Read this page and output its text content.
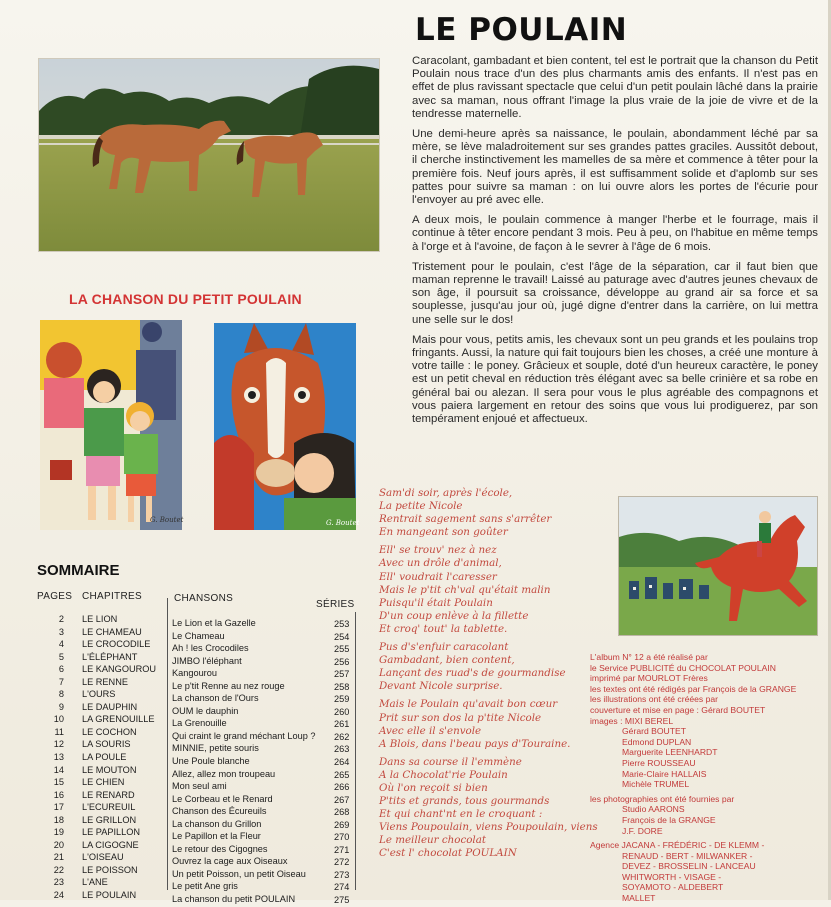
LE POULAIN

Caracolant, gambadant et bien content, tel est le portrait que la chanson du Petit Poulain nous trace d'un des plus charmants amis des enfants. Il n'est pas en effet de plus ravissant spectacle que celui d'un petit poulain lâché dans la prairie avec sa maman, nous offrant l'image la plus vraie de la joie de vivre et de la tendresse maternelle.

Une demi-heure après sa naissance, le poulain, abondamment léché par sa mère, se lève maladroitement sur ses grandes pattes graciles. Aussitôt debout, il cherche instinctivement les mamelles de sa mère et commence à têter pour la première fois. Neuf jours après, il est suffisamment solide et d'aplomb sur ses pattes pour suivre sa maman : on lui ouvre alors les portes de l'écurie pour l'envoyer au pré avec elle.

A deux mois, le poulain commence à manger l'herbe et le fourrage, mais il continue à têter encore pendant 3 mois. Peu à peu, on l'habitue en même temps à l'orge et à l'avoine, de façon à le sevrer à l'âge de 6 mois.

Tristement pour le poulain, c'est l'âge de la séparation, car il faut bien que maman reprenne le travail! Laissé au paturage avec d'autres jeunes chevaux de son âge, il poursuit sa croissance, développe au grand air sa force et sa souplesse, jusqu'au jour où, jugé digne d'entrer dans la carrière, on lui mettra une selle sur le dos!

Mais pour vous, petits amis, les chevaux sont un peu grands et les poulains trop fringants. Aussi, la nature qui fait toujours bien les choses, a créé une monture à votre taille : le poney. Grâcieux et souple, doté d'un heureux caractère, le poney est un petit cheval en réduction très élégant avec sa belle crinière et sa robe en général bai ou alezan. Il sera pour vous le plus agréable des compagnons et vous paiera largement en retour des soins que vous lui prodiguerez, par son tempérament enjoué et affectueux.

LA CHANSON DU PETIT POULAIN
G. Boutet	G. Boutet
SOMMAIRE
PAGES CHAPITRES	CHANSONS
SÉRIES
2
3
4
5
6
7
8
9
10
11
12
13
14
15
16
17
18
19
20
21
22
23
24
LE LION
LE CHAMEAU
LE CROCODILE
L'ÉLÉPHANT
LE KANGOUROU
LE RENNE
L'OURS
LE DAUPHIN
LA GRENOUILLE
LE COCHON
LA SOURIS
LA POULE
LE MOUTON
LE CHIEN
LE RENARD
L'ECUREUIL
LE GRILLON
LE PAPILLON
LA CIGOGNE
L'OISEAU
LE POISSON
L'ANE
LE POULAIN
Le Lion et la Gazelle
Le Chameau
Ah ! les Crocodiles
JIMBO l'éléphant
Kangourou
Le p'tit Renne au nez rouge
La chanson de l'Ours
OUM le dauphin
La Grenouille
Qui craint le grand méchant Loup ?
MINNIE, petite souris
Une Poule blanche
Allez, allez mon troupeau
Mon seul ami
Le Corbeau et le Renard
Chanson des Écureuils
La chanson du Grillon
Le Papillon et la Fleur
Le retour des Cigognes
Ouvrez la cage aux Oiseaux
Un petit Poisson, un petit Oiseau
Le petit Ane gris
La chanson du petit POULAIN
253
254
255
256
257
258
259
260
261
262
263
264
265
266
267
268
269
270
271
272
273
274
275
Sam'di soir, après l'école,
La petite Nicole
Rentrait sagement sans s'arrêter
En mangeant son goûter
Ell' se trouv' nez à nez
Avec un drôle d'animal,
Ell' voudrait l'caresser
Mais le p'tit ch'val qu'était malin
Puisqu'il était Poulain
D'un coup enlève à la fillette
Et croq' tout' la tablette.
Pus d's'enfuir caracolant
Gambadant, bien content,
Lançant des ruad's de gourmandise
Devant Nicole surprise.
Mais le Poulain qu'avait bon cœur
Prit sur son dos la p'tite Nicole
Avec elle il s'envole
A Blois, dans l'beau pays d'Touraine.
Dans sa course il l'emmène
A la Chocolat'rie Poulain
Où l'on reçoit si bien
P'tits et grands, tous gourmands
Et qui chant'nt en le croquant :
Viens Poupoulain, viens Poupoulain, viens
Le meilleur chocolat
C'est l' chocolat POULAIN
L'album N° 12 a été réalisé par
le Service PUBLICITÉ du CHOCOLAT POULAIN
imprimé par MOURLOT Frères
les textes ont été rédigés par François de la GRANGE
les illustrations ont été créées par
couverture et mise en page : Gérard BOUTET
images : MIXI BEREL
Gérard BOUTET
Edmond DUPLAN
Marguerite LEENHARDT
Pierre ROUSSEAU
Marie-Claire HALLAIS
Michèle TRUMEL

les photographies ont été fournies par
Studio AARONS
François de la GRANGE
J.F. DORE

Agence JACANA - FRÉDÉRIC - DE KLEMM -
RENAUD - BERT - MILWANKER -
DEVEZ - BROSSELIN - LANCEAU
WHITWORTH - VISAGE -
SOYAMOTO - ALDEBERT
MALLET
